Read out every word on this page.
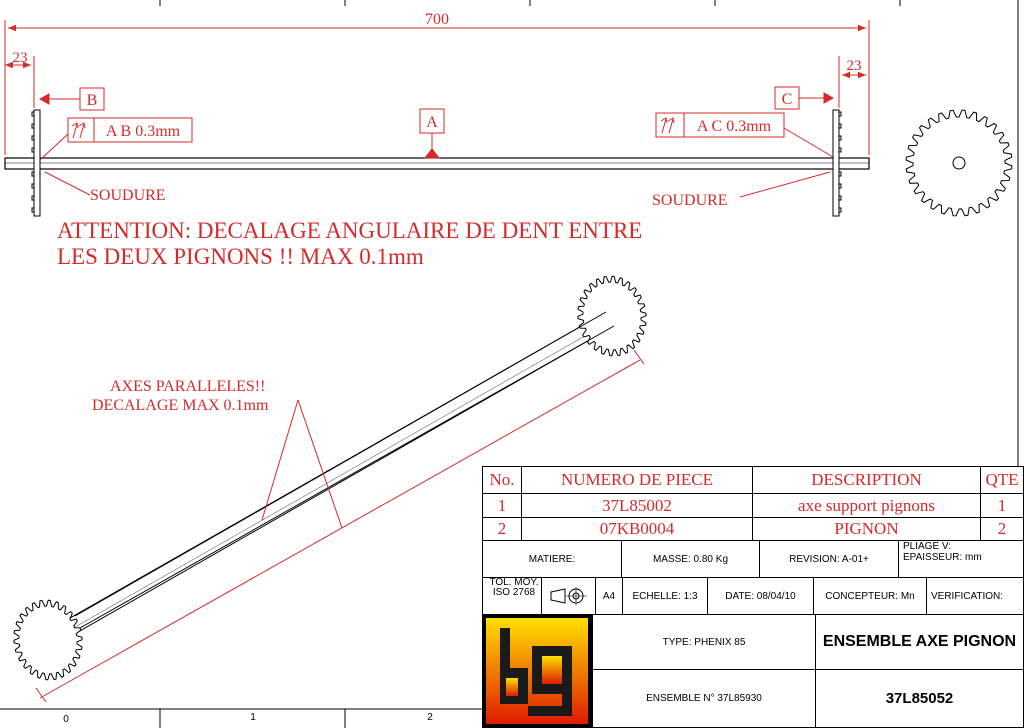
0	1	2
700
23	23
B	C
A
A B 0.3mm	A C 0.3mm
SOUDURE	SOUDURE
ATTENTION: DECALAGE ANGULAIRE DE DENT ENTRE
LES DEUX PIGNONS !! MAX 0.1mm
AXES PARALLELES!!
DECALAGE MAX 0.1mm
No.	NUMERO DE PIECE	DESCRIPTION	QTE
1	37L85002	axe support pignons	1
2	07KB0004	PIGNON	2
MATIERE:	MASSE: 0.80 Kg	REVISION: A-01+
PLIAGE V:
EPAISSEUR: mm
TOL. MOY.
ISO 2768	A4	ECHELLE: 1:3	DATE: 08/04/10	CONCEPTEUR: Mn	VERIFICATION:
TYPE: PHENIX 85	ENSEMBLE AXE PIGNON
ENSEMBLE N° 37L85930	37L85052
